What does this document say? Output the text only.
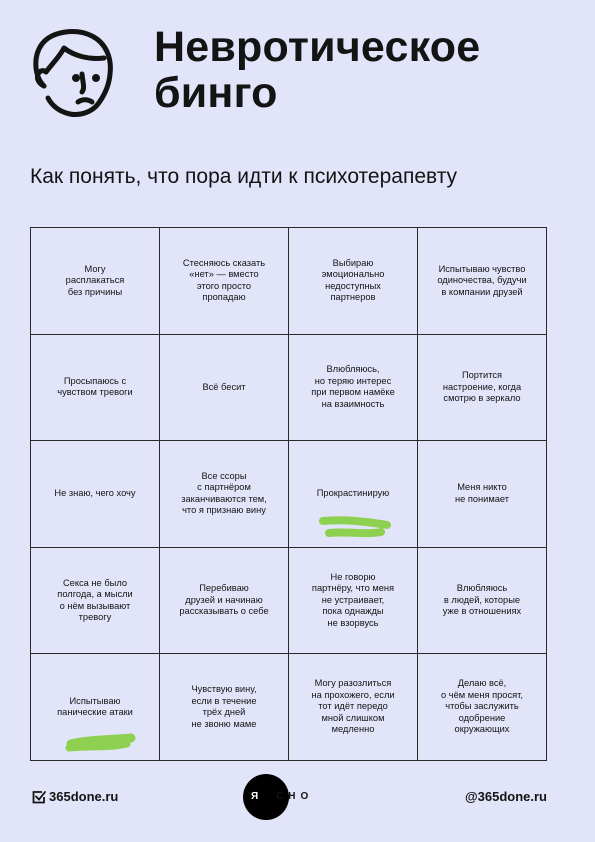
Невротическое
бинго

Как понять, что пора идти к психотерапевту

Могу
расплакаться
без причины
Стесняюсь сказать
«нет» — вместо
этого просто
пропадаю
Выбираю
эмоционально
недоступных
партнеров
Испытываю чувство
одиночества, будучи
в компании друзей
Просыпаюсь с
чувством тревоги
Всё бесит
Влюбляюсь,
но теряю интерес
при первом намёке
на взаимность
Портится
настроение, когда
смотрю в зеркало
Не знаю, чего хочу
Все ссоры
с партнёром
заканчиваются тем,
что я признаю вину
Прокрастинирую
Меня никто
не понимает
Секса не было
полгода, а мысли
о нём вызывают
тревогу
Перебиваю
друзей и начинаю
рассказывать о себе
Не говорю
партнёру, что меня
не устраивает,
пока однажды
не взорвусь
Влюбляюсь
в людей, которые
уже в отношениях
Испытываю
панические атаки
Чувствую вину,
если в течение
трёх дней
не звоню маме
Могу разозлиться
на прохожего, если
тот идёт передо
мной слишком
медленно
Делаю всё,
о чём меня просят,
чтобы заслужить
одобрение
окружающих
365done.ru	Я СНО	@365done.ru
